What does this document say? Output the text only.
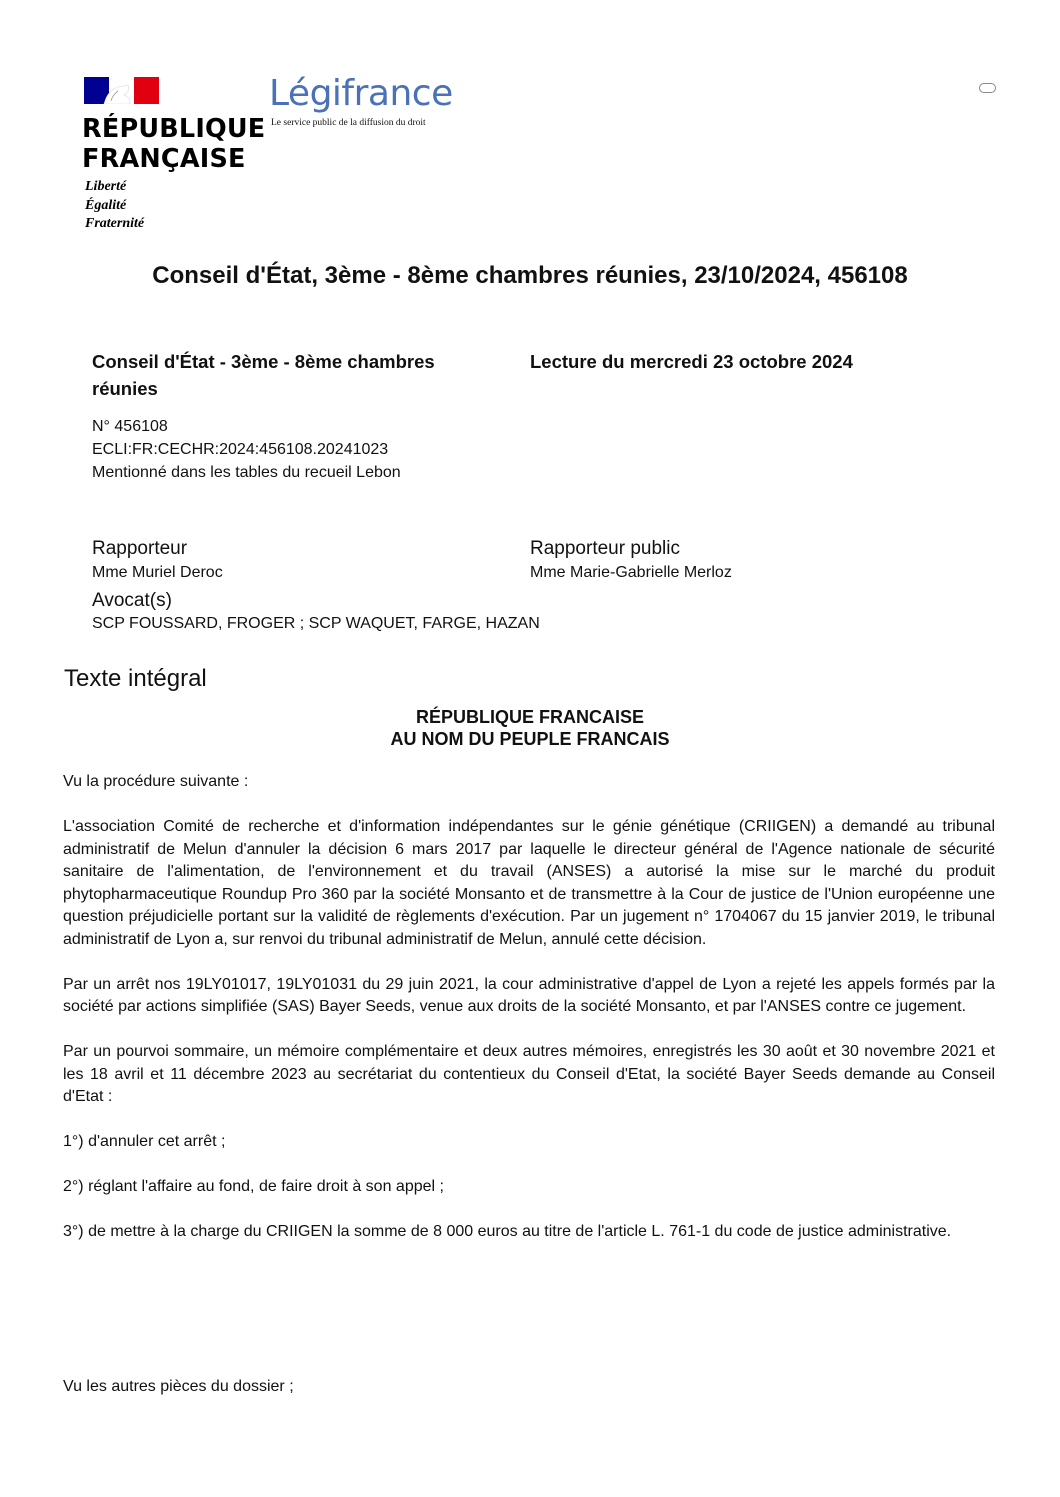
RÉPUBLIQUE
FRANÇAISE
Liberté
Égalité
Fraternité
Légifrance
Le service public de la diffusion du droit
Conseil d'État, 3ème - 8ème chambres réunies, 23/10/2024, 456108
Conseil d'État - 3ème - 8ème chambres réunies
Lecture du mercredi 23 octobre 2024
N° 456108
ECLI:FR:CECHR:2024:456108.20241023
Mentionné dans les tables du recueil Lebon
Rapporteur
Mme Muriel Deroc
Rapporteur public
Mme Marie-Gabrielle Merloz
Avocat(s)
SCP FOUSSARD, FROGER ; SCP WAQUET, FARGE, HAZAN
Texte intégral
RÉPUBLIQUE FRANCAISE
AU NOM DU PEUPLE FRANCAIS

Vu la procédure suivante :

L'association Comité de recherche et d'information indépendantes sur le génie génétique (CRIIGEN) a demandé au tribunal administratif de Melun d'annuler la décision 6 mars 2017 par laquelle le directeur général de l'Agence nationale de sécurité sanitaire de l'alimentation, de l'environnement et du travail (ANSES) a autorisé la mise sur le marché du produit phytopharmaceutique Roundup Pro 360 par la société Monsanto et de transmettre à la Cour de justice de l'Union européenne une question préjudicielle portant sur la validité de règlements d'exécution. Par un jugement n° 1704067 du 15 janvier 2019, le tribunal administratif de Lyon a, sur renvoi du tribunal administratif de Melun, annulé cette décision.

Par un arrêt nos 19LY01017, 19LY01031 du 29 juin 2021, la cour administrative d'appel de Lyon a rejeté les appels formés par la société par actions simplifiée (SAS) Bayer Seeds, venue aux droits de la société Monsanto, et par l'ANSES contre ce jugement.

Par un pourvoi sommaire, un mémoire complémentaire et deux autres mémoires, enregistrés les 30 août et 30 novembre 2021 et les 18 avril et 11 décembre 2023 au secrétariat du contentieux du Conseil d'Etat, la société Bayer Seeds demande au Conseil d'Etat :

1°) d'annuler cet arrêt ;

2°) réglant l'affaire au fond, de faire droit à son appel ;

3°) de mettre à la charge du CRIIGEN la somme de 8 000 euros au titre de l'article L. 761-1 du code de justice administrative.

Vu les autres pièces du dossier ;
